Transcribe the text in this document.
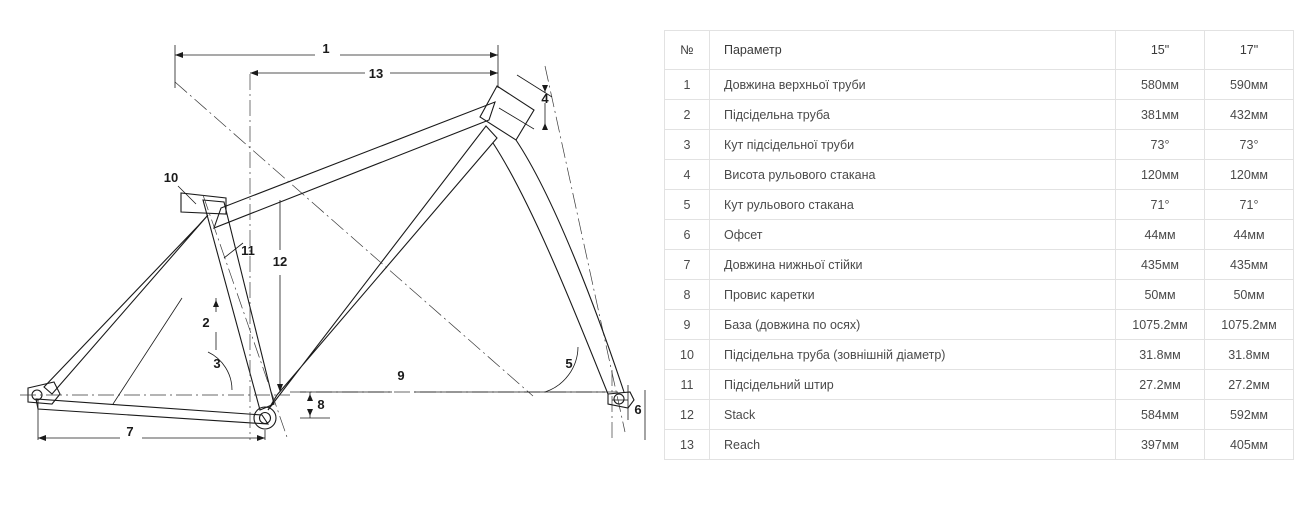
1
13
4
10
11
12
2
3	5
9
8	6
7
№	Параметр	15"	17"
1	Довжина верхньої труби	580мм	590мм
2	Підсідельна труба	381мм	432мм
3	Кут підсідельної труби	73°	73°
4	Висота рульового стакана	120мм	120мм
5	Кут рульового стакана	71°	71°
6	Офсет	44мм	44мм
7	Довжина нижньої стійки	435мм	435мм
8	Провис каретки	50мм	50мм
9	База (довжина по осях)	1075.2мм	1075.2мм
10	Підсідельна труба (зовнішній діаметр)	31.8мм	31.8мм
11	Підсідельний штир	27.2мм	27.2мм
12	Stack	584мм	592мм
13	Reach	397мм	405мм
